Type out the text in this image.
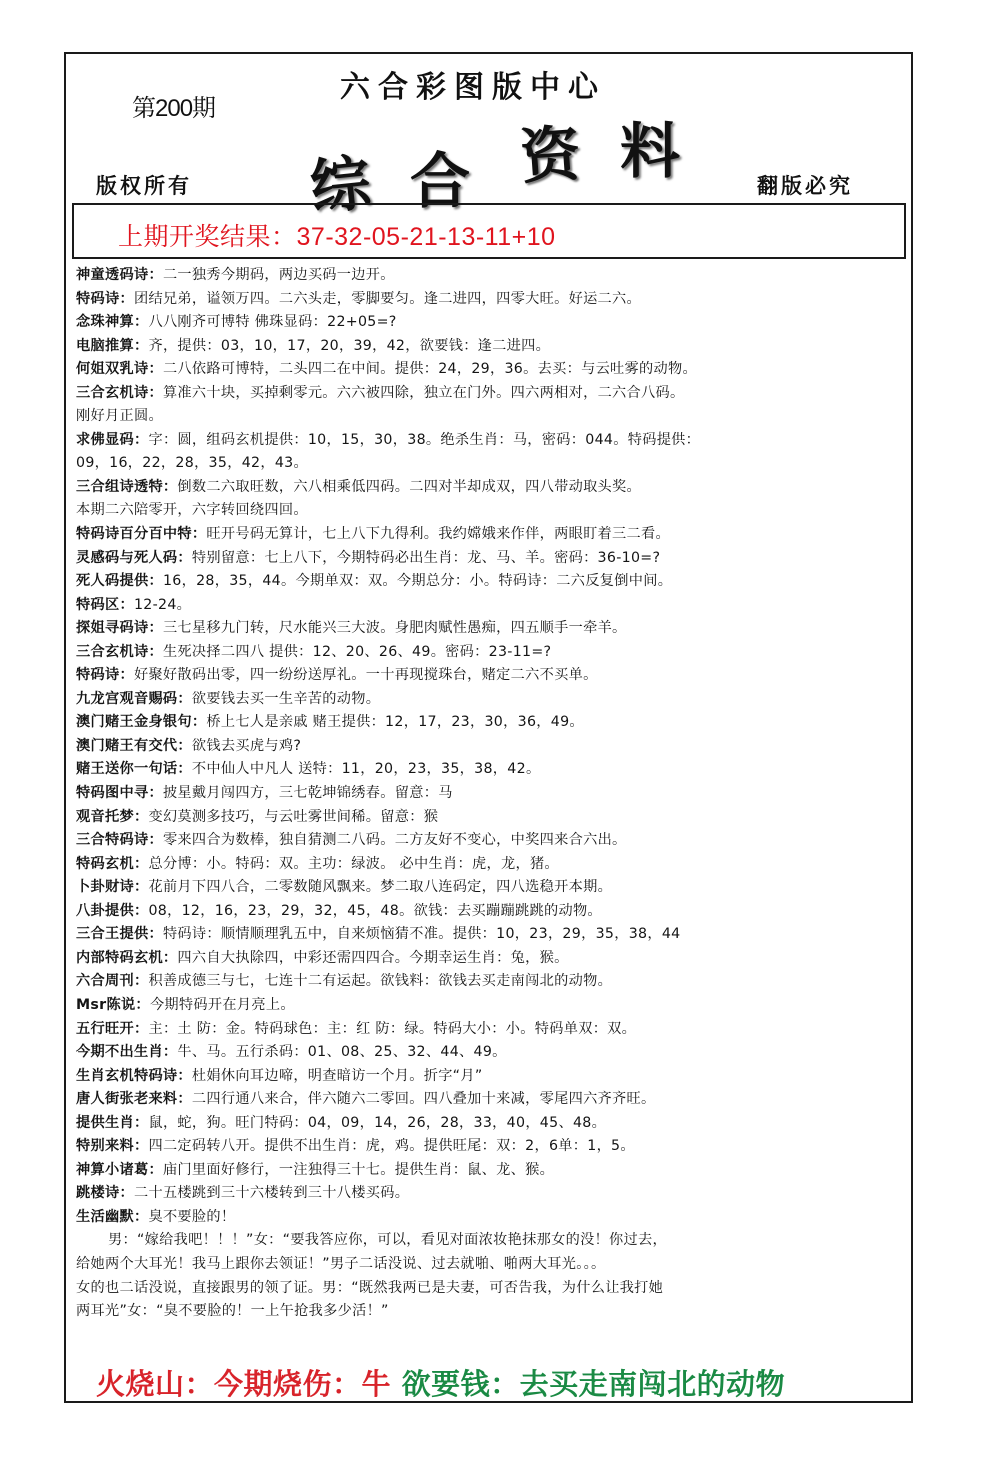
第200期
六合彩图版中心
综 合 资 料
版权所有	翻版必究
上期开奖结果：37-32-05-21-13-11+10
神童透码诗：二一独秀今期码，两边买码一边开。
特码诗：团结兄弟，谥领万四。二六头走，零脚要匀。逢二进四，四零大旺。好运二六。
念珠神算：八八刚齐可博特 佛珠显码：22+05=?
电脑推算：齐，提供：03，10，17，20，39，42，欲要钱：逢二进四。
何姐双乳诗：二八依路可博特，二头四二在中间。提供：24，29，36。去买：与云吐雾的动物。
三合玄机诗：算准六十块，买掉剩零元。六六被四除，独立在门外。四六两相对，二六合八码。
刚好月正圆。
求佛显码：字：圆，组码玄机提供：10，15，30，38。绝杀生肖：马，密码：044。特码提供：
09，16，22，28，35，42，43。
三合组诗透特：倒数二六取旺数，六八相乘低四码。二四对半却成双，四八带动取头奖。
本期二六陪零开，六字转回绕四回。
特码诗百分百中特：旺开号码无算计，七上八下九得利。我约嫦娥来作伴，两眼盯着三二看。
灵感码与死人码：特别留意：七上八下，今期特码必出生肖：龙、马、羊。密码：36-10=?
死人码提供：16，28，35，44。今期单双：双。今期总分：小。特码诗：二六反复倒中间。
特码区：12-24。
探姐寻码诗：三七星移九门转，尺水能兴三大波。身肥肉赋性愚痴，四五顺手一牵羊。
三合玄机诗：生死决择二四八 提供：12、20、26、49。密码：23-11=?
特码诗：好聚好散码出零，四一纷纷送厚礼。一十再现搅珠台，赌定二六不买单。
九龙宫观音赐码：欲要钱去买一生辛苦的动物。
澳门赌王金身银句：桥上七人是亲戚 赌王提供：12，17，23，30，36，49。
澳门赌王有交代：欲钱去买虎与鸡?
赌王送你一句话：不中仙人中凡人 送特：11，20，23，35，38，42。
特码图中寻：披星戴月闯四方，三七乾坤锦绣春。留意：马
观音托梦：变幻莫测多技巧，与云吐雾世间稀。留意：猴
三合特码诗：零来四合为数棒，独自猜测二八码。二方友好不变心，中奖四来合六出。
特码玄机：总分博：小。特码：双。主功：绿波。 必中生肖：虎，龙，猪。
卜卦财诗：花前月下四八合，二零数随风飘来。梦二取八连码定，四八选稳开本期。
八卦提供：08，12，16，23，29，32，45，48。欲钱：去买蹦蹦跳跳的动物。
三合王提供：特码诗：顺情顺理乳五中，自来烦恼猜不准。提供：10，23，29，35，38，44
内部特码玄机：四六自大执除四，中彩还需四四合。今期幸运生肖：兔，猴。
六合周刊：积善成德三与七，七连十二有运起。欲钱料：欲钱去买走南闯北的动物。
Msr陈说：今期特码开在月亮上。
五行旺开：主：土 防：金。特码球色：主：红 防：绿。特码大小：小。特码单双：双。
今期不出生肖：牛、马。五行杀码：01、08、25、32、44、49。
生肖玄机特码诗：杜娟休向耳边啼，明查暗访一个月。折字“月”
唐人街张老来料：二四行通八来合，伴六随六二零回。四八叠加十来减，零尾四六齐齐旺。
提供生肖：鼠，蛇，狗。旺门特码：04，09，14，26，28，33，40，45、48。
特别来料：四二定码转八开。提供不出生肖：虎，鸡。提供旺尾：双：2，6单：1，5。
神算小诸葛：庙门里面好修行，一注独得三十七。提供生肖：鼠、龙、猴。
跳楼诗：二十五楼跳到三十六楼转到三十八楼买码。
生活幽默：臭不要脸的！
男：“嫁给我吧！！！”女：“要我答应你，可以，看见对面浓妆艳抹那女的没！你过去，
给她两个大耳光！我马上跟你去领证！”男子二话没说、过去就啪、啪两大耳光。。。
女的也二话没说，直接跟男的领了证。男：“既然我两已是夫妻，可否告我，为什么让我打她
两耳光”女：“臭不要脸的！一上午抢我多少活！”
火烧山：今期烧伤：牛 欲要钱：去买走南闯北的动物
